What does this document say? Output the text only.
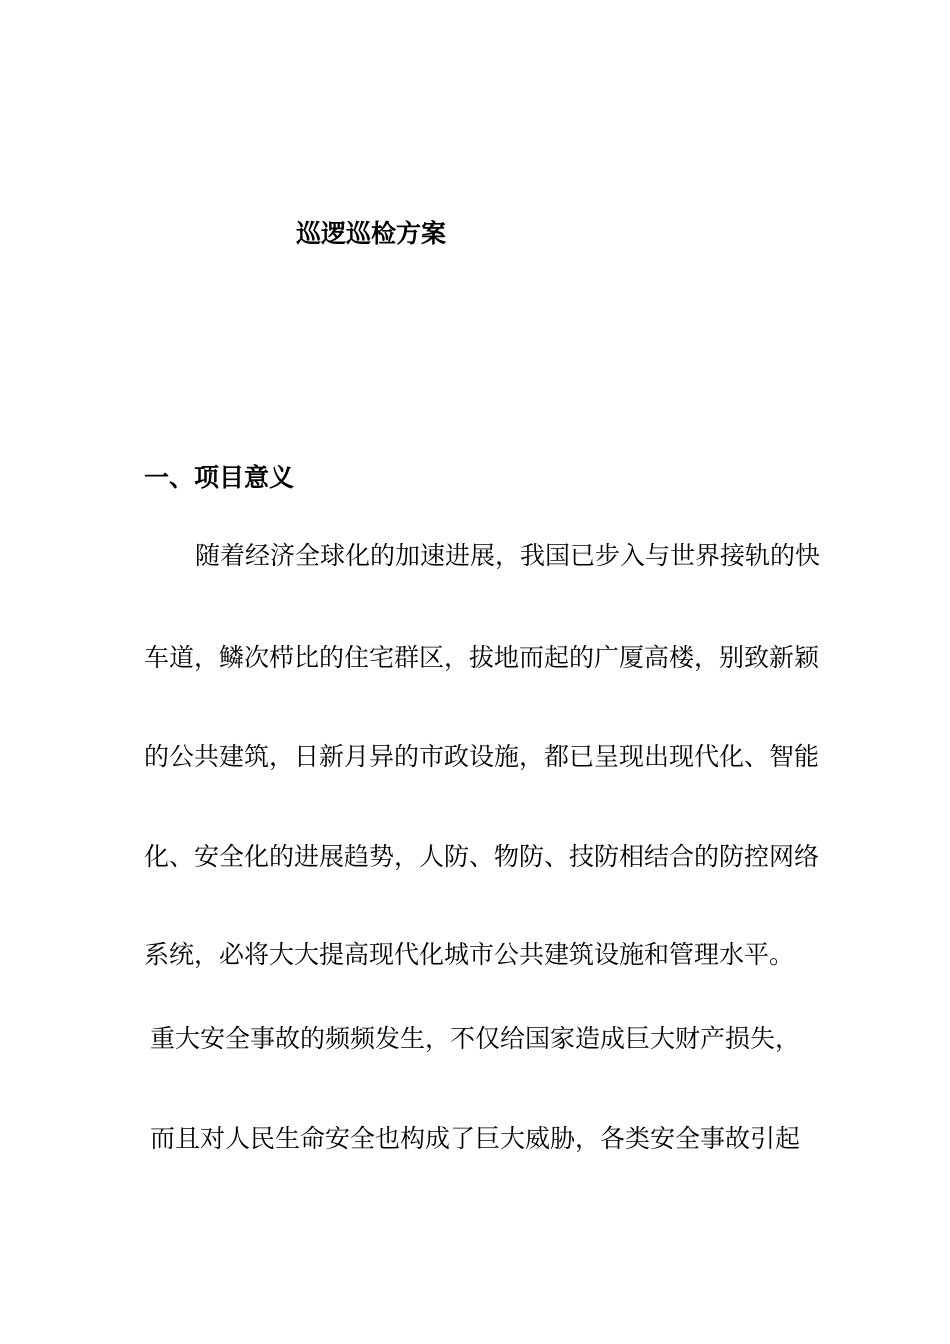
巡逻巡检方案
一、项目意义
随着经济全球化的加速进展，我国已步入与世界接轨的快
车道，鳞次栉比的住宅群区，拔地而起的广厦高楼，别致新颖
的公共建筑，日新月异的市政设施，都已呈现出现代化、智能
化、安全化的进展趋势，人防、物防、技防相结合的防控网络
系统，必将大大提高现代化城市公共建筑设施和管理水平。
重大安全事故的频频发生，不仅给国家造成巨大财产损失，
而且对人民生命安全也构成了巨大威胁，各类安全事故引起
